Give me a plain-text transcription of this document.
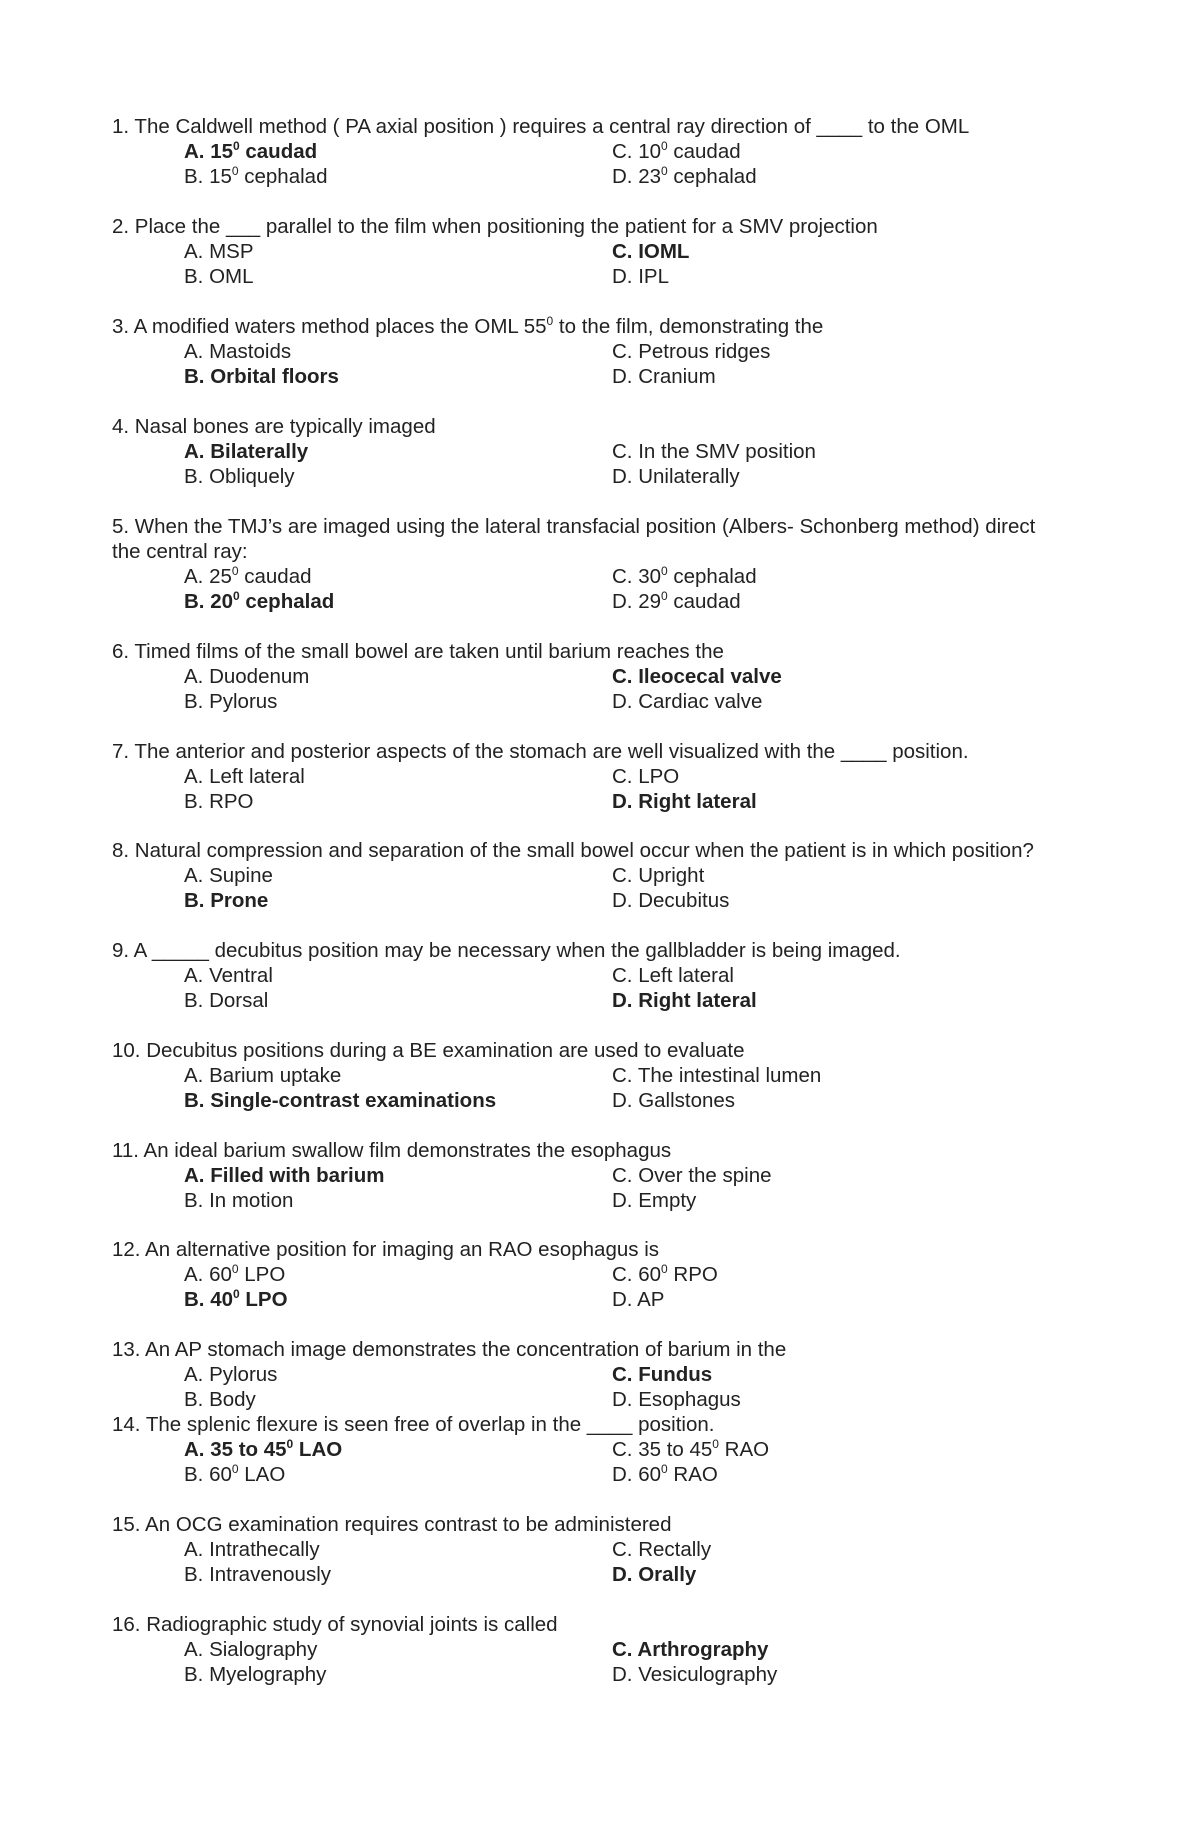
1. The Caldwell method ( PA axial position ) requires a central ray direction of ____ to the OML

A. $15^0$ caudad	C. $10^0$ caudad
B. $15^0$ cephalad	D. $23^0$ cephalad

2. Place the ___ parallel to the film when positioning the patient for a SMV projection

A. MSP	C. IOML
B. OML	D. IPL

3. A modified waters method places the OML $55^0$ to the film, demonstrating the

A. Mastoids	C. Petrous ridges
B. Orbital floors	D. Cranium

4. Nasal bones are typically imaged

A. Bilaterally	C. In the SMV position
B. Obliquely	D. Unilaterally

5. When the TMJ’s are imaged using the lateral transfacial position (Albers- Schonberg method) direct

the central ray:

A. $25^0$ caudad	C. $30^0$ cephalad
B. $20^0$ cephalad	D. $29^0$ caudad

6. Timed films of the small bowel are taken until barium reaches the

A. Duodenum	C. Ileocecal valve
B. Pylorus	D. Cardiac valve

7. The anterior and posterior aspects of the stomach are well visualized with the ____ position.

A. Left lateral	C. LPO
B. RPO	D. Right lateral

8. Natural compression and separation of the small bowel occur when the patient is in which position?

A. Supine	C. Upright
B. Prone	D. Decubitus

9. A _____ decubitus position may be necessary when the gallbladder is being imaged.

A. Ventral	C. Left lateral
B. Dorsal	D. Right lateral

10. Decubitus positions during a BE examination are used to evaluate

A. Barium uptake	C. The intestinal lumen
B. Single-contrast examinations	D. Gallstones

11. An ideal barium swallow film demonstrates the esophagus

A. Filled with barium	C. Over the spine
B. In motion	D. Empty

12. An alternative position for imaging an RAO esophagus is

A. $60^0$ LPO	C. $60^0$ RPO
B. $40^0$ LPO	D. AP

13. An AP stomach image demonstrates the concentration of barium in the

A. Pylorus	C. Fundus
B. Body	D. Esophagus

14. The splenic flexure is seen free of overlap in the ____ position.

A. 35 to $45^0$ LAO	C. 35 to $45^0$ RAO
B. $60^0$ LAO	D. $60^0$ RAO

15. An OCG examination requires contrast to be administered

A. Intrathecally	C. Rectally
B. Intravenously	D. Orally

16. Radiographic study of synovial joints is called

A. Sialography	C. Arthrography
B. Myelography	D. Vesiculography
